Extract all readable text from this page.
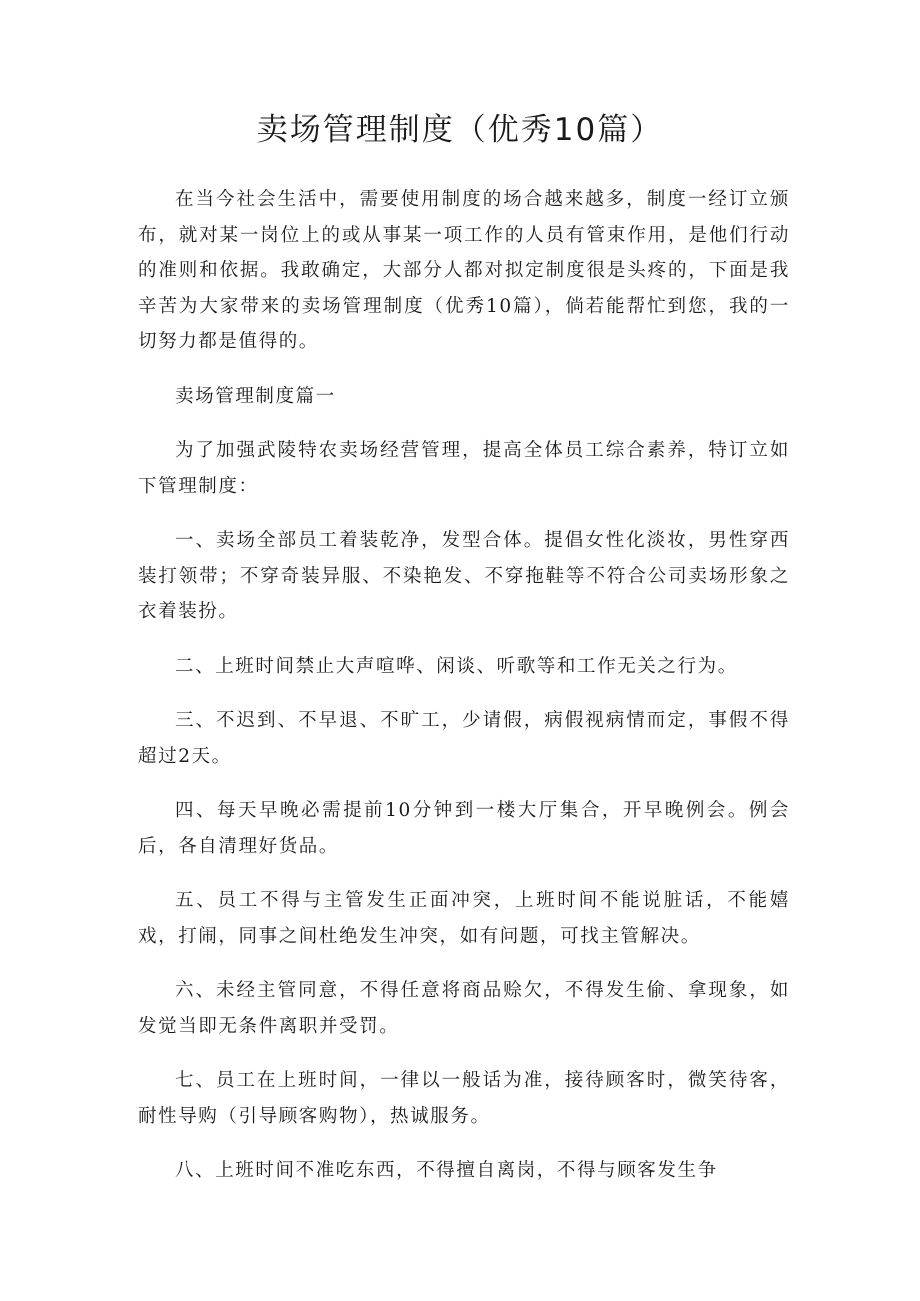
卖场管理制度（优秀10篇）

在当今社会生活中，需要使用制度的场合越来越多，制度一经订立颁布，就对某一岗位上的或从事某一项工作的人员有管束作用，是他们行动的准则和依据。我敢确定，大部分人都对拟定制度很是头疼的，下面是我辛苦为大家带来的卖场管理制度（优秀10篇），倘若能帮忙到您，我的一切努力都是值得的。

卖场管理制度篇一

为了加强武陵特农卖场经营管理，提高全体员工综合素养，特订立如下管理制度：

一、卖场全部员工着装乾净，发型合体。提倡女性化淡妆，男性穿西装打领带；不穿奇装异服、不染艳发、不穿拖鞋等不符合公司卖场形象之衣着装扮。

二、上班时间禁止大声喧哗、闲谈、听歌等和工作无关之行为。

三、不迟到、不早退、不旷工，少请假，病假视病情而定，事假不得超过2天。

四、每天早晚必需提前10分钟到一楼大厅集合，开早晚例会。例会后，各自清理好货品。

五、员工不得与主管发生正面冲突，上班时间不能说脏话，不能嬉戏，打闹，同事之间杜绝发生冲突，如有问题，可找主管解决。

六、未经主管同意，不得任意将商品赊欠，不得发生偷、拿现象，如发觉当即无条件离职并受罚。

七、员工在上班时间，一律以一般话为准，接待顾客时，微笑待客，耐性导购（引导顾客购物），热诚服务。

八、上班时间不准吃东西，不得擅自离岗，不得与顾客发生争
